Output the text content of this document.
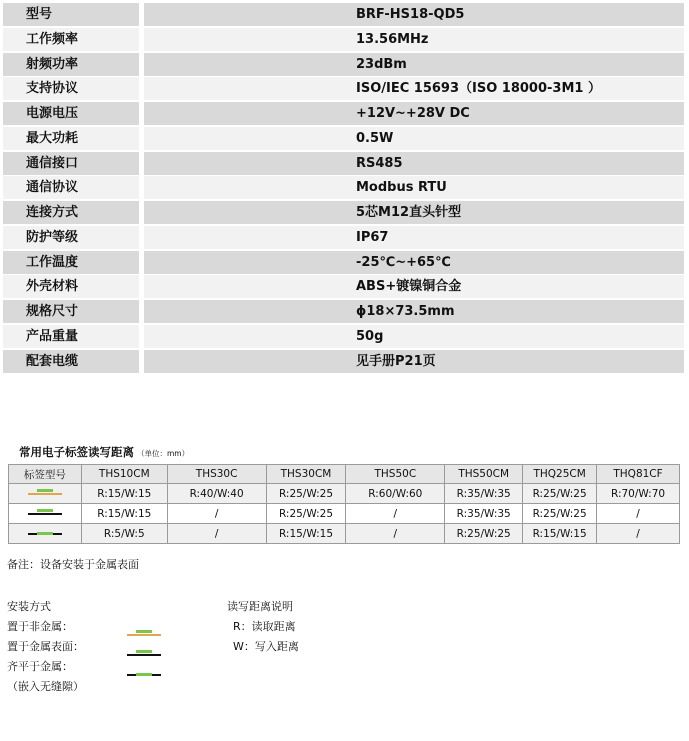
型号	BRF-HS18-QD5
工作频率	13.56MHz
射频功率	23dBm
支持协议	ISO/IEC 15693（ISO 18000-3M1 ）
电源电压	+12V~+28V DC
最大功耗	0.5W
通信接口	RS485
通信协议	Modbus RTU
连接方式	5芯M12直头针型
防护等级	IP67
工作温度	-25℃~+65℃
外壳材料	ABS+镀镍铜合金
规格尺寸	ϕ18×73.5mm
产品重量	50g
配套电缆	见手册P21页
常用电子标签读写距离 （单位：mm）
标签型号	THS10CM	THS30C	THS30CM	THS50C	THS50CM	THQ25CM	THQ81CF

	R:15/W:15	R:40/W:40	R:25/W:25	R:60/W:60	R:35/W:35	R:25/W:25	R:70/W:70

	R:15/W:15	/	R:25/W:25	/	R:35/W:35	R:25/W:25	/

	R:5/W:5	/	R:15/W:15	/	R:25/W:25	R:15/W:15	/
备注：设备安装于金属表面
安装方式
置于非金属：
置于金属表面：
齐平于金属：
（嵌入无缝隙）
读写距离说明
R：读取距离
W：写入距离
